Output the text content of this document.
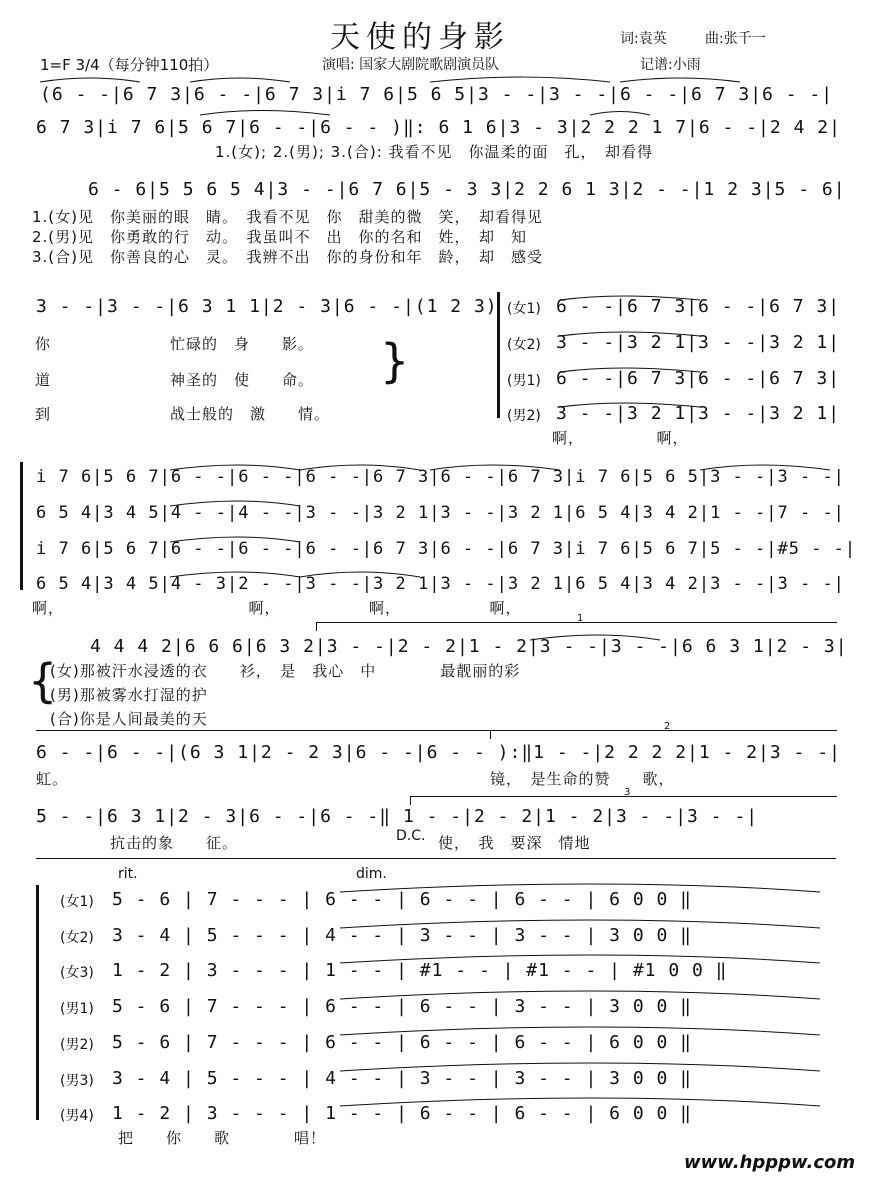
天使的身影	词:袁英	曲:张千一
1=F 3/4（每分钟110拍）	演唱: 国家大剧院歌剧演员队	记谱:小雨
(6 - -|6 7 3|6 - -|6 7 3|i 7 6|5 6 5|3 - -|3 - -|6 - -|6 7 3|6 - -|
6 7 3|i 7 6|5 6 7|6 - -|6 - - )‖: 6 1 6|3 - 3|2 2 2 1 7|6 - -|2 4 2|
1.(女); 2.(男); 3.(合): 我看不见　你温柔的面　孔，　却看得
6 - 6|5 5 6 5 4|3 - -|6 7 6|5 - 3 3|2 2 6 1 3|2 - -|1 2 3|5 - 6|
1.(女)见　你美丽的眼　睛。　我看不见　你　甜美的微　笑，　却看得见
2.(男)见　你勇敢的行　动。　我虽叫不　出　你的名和　姓，　却　知
3.(合)见　你善良的心　灵。　我辨不出　你的身份和年　龄，　却　感受
3 - -|3 - -|6 3 1 1|2 - 3|6 - -|(1 2 3)
你	忙碌的　身　　影。
道	神圣的　使　　命。
到	战士般的　激　　情。
}
(女1) 6 - -|6 7 3|6 - -|6 7 3|
(女2) 3 - -|3 2 1|3 - -|3 2 1|
(男1) 6 - -|6 7 3|6 - -|6 7 3|
(男2) 3 - -|3 2 1|3 - -|3 2 1|
啊，　　　　　啊，
i 7 6|5 6 7|6 - -|6 - -|6 - -|6 7 3|6 - -|6 7 3|i 7 6|5 6 5|3 - -|3 - -|
6 5 4|3 4 5|4 - -|4 - -|3 - -|3 2 1|3 - -|3 2 1|6 5 4|3 4 2|1 - -|7 - -|
i 7 6|5 6 7|6 - -|6 - -|6 - -|6 7 3|6 - -|6 7 3|i 7 6|5 6 7|5 - -|#5 - -|
6 5 4|3 4 5|4 - 3|2 - -|3 - -|3 2 1|3 - -|3 2 1|6 5 4|3 4 2|3 - -|3 - -|
啊，　　　　　　　　　　　　啊，　　　　　　啊，　　　　　　啊，
1
4 4 4 2|6 6 6|6 3 2|3 - -|2 - 2|1 - 2|3 - -|3 - -|6 6 3 1|2 - 3|
}
(女)那被汗水浸透的衣　　衫，　是　我心　中　　　　最靓丽的彩
(男)那被雾水打湿的护
(合)你是人间最美的天	2
6 - -|6 - -|(6 3 1|2 - 2 3|6 - -|6 - - ):‖1 - -|2 2 2 2|1 - 2|3 - -|
虹。	镜，　是生命的赞　　歌，
3
5 - -|6 3 1|2 - 3|6 - -|6 - -‖ 1 - -|2 - 2|1 - 2|3 - -|3 - -|
抗击的象　　征。	D.C. 使，　我　要深　情地
rit.	dim.
(女1) 5 - 6 | 7 - - - | 6 - - | 6 - - | 6 - - | 6 0 0 ‖
(女2) 3 - 4 | 5 - - - | 4 - - | 3 - - | 3 - - | 3 0 0 ‖
(女3) 1 - 2 | 3 - - - | 1 - - | #1 - - | #1 - - | #1 0 0 ‖
(男1) 5 - 6 | 7 - - - | 6 - - | 6 - - | 3 - - | 3 0 0 ‖
(男2) 5 - 6 | 7 - - - | 6 - - | 6 - - | 6 - - | 6 0 0 ‖
(男3) 3 - 4 | 5 - - - | 4 - - | 3 - - | 3 - - | 3 0 0 ‖
(男4) 1 - 2 | 3 - - - | 1 - - | 6 - - | 6 - - | 6 0 0 ‖
把　　你　　歌　　　　唱！
www.hpppw.com
